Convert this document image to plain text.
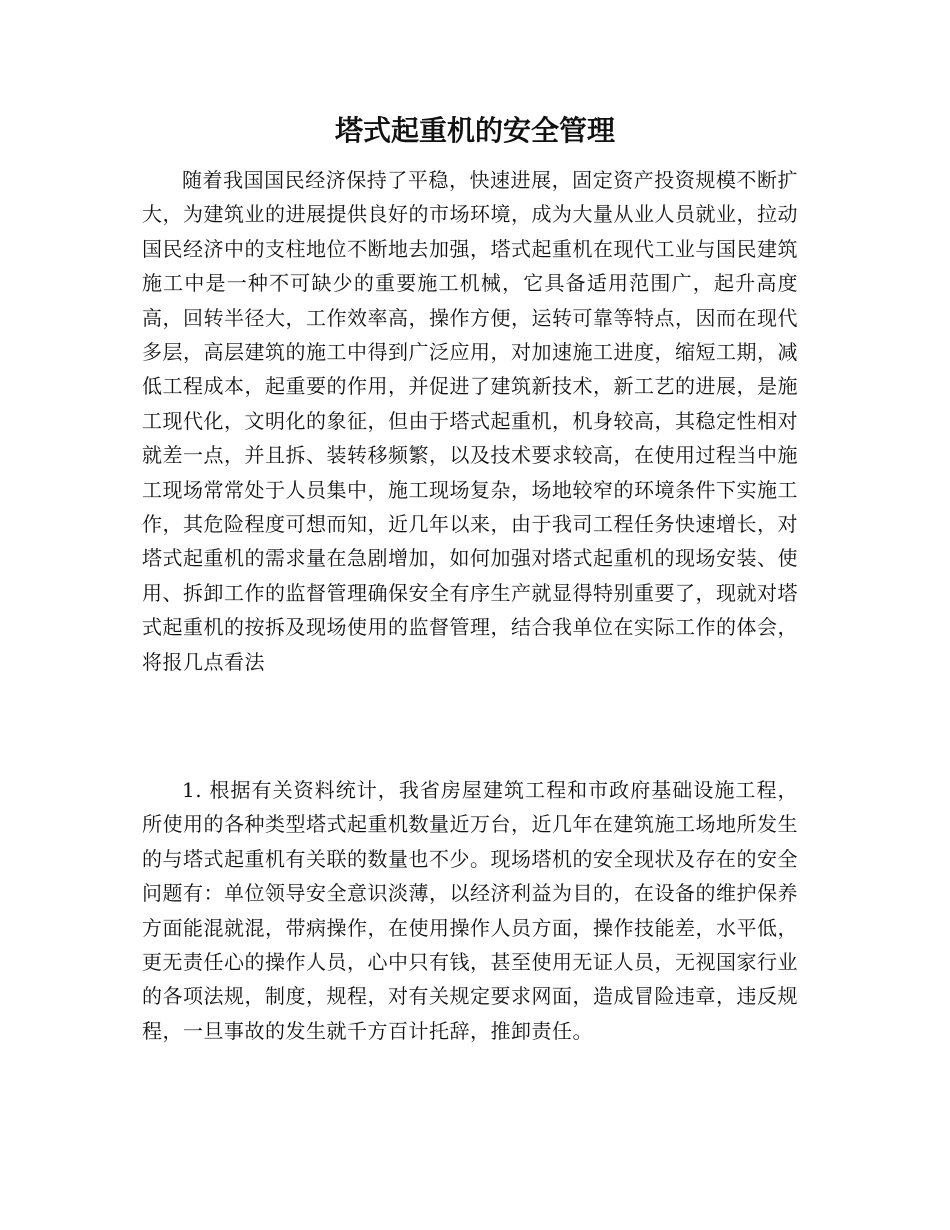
塔式起重机的安全管理

随着我国国民经济保持了平稳，快速进展，固定资产投资规模不断扩大，为建筑业的进展提供良好的市场环境，成为大量从业人员就业，拉动国民经济中的支柱地位不断地去加强，塔式起重机在现代工业与国民建筑施工中是一种不可缺少的重要施工机械，它具备适用范围广，起升高度高，回转半径大，工作效率高，操作方便，运转可靠等特点，因而在现代多层，高层建筑的施工中得到广泛应用，对加速施工进度，缩短工期，减低工程成本，起重要的作用，并促进了建筑新技术，新工艺的进展，是施工现代化，文明化的象征，但由于塔式起重机，机身较高，其稳定性相对就差一点，并且拆、装转移频繁，以及技术要求较高，在使用过程当中施工现场常常处于人员集中，施工现场复杂，场地较窄的环境条件下实施工作，其危险程度可想而知，近几年以来，由于我司工程任务快速增长，对塔式起重机的需求量在急剧增加，如何加强对塔式起重机的现场安装、使用、拆卸工作的监督管理确保安全有序生产就显得特别重要了，现就对塔式起重机的按拆及现场使用的监督管理，结合我单位在实际工作的体会，将报几点看法

1. 根据有关资料统计，我省房屋建筑工程和市政府基础设施工程，所使用的各种类型塔式起重机数量近万台，近几年在建筑施工场地所发生的与塔式起重机有关联的数量也不少。现场塔机的安全现状及存在的安全问题有：单位领导安全意识淡薄，以经济利益为目的，在设备的维护保养方面能混就混，带病操作，在使用操作人员方面，操作技能差，水平低，更无责任心的操作人员，心中只有钱，甚至使用无证人员，无视国家行业的各项法规，制度，规程，对有关规定要求网面，造成冒险违章，违反规程，一旦事故的发生就千方百计托辞，推卸责任。
